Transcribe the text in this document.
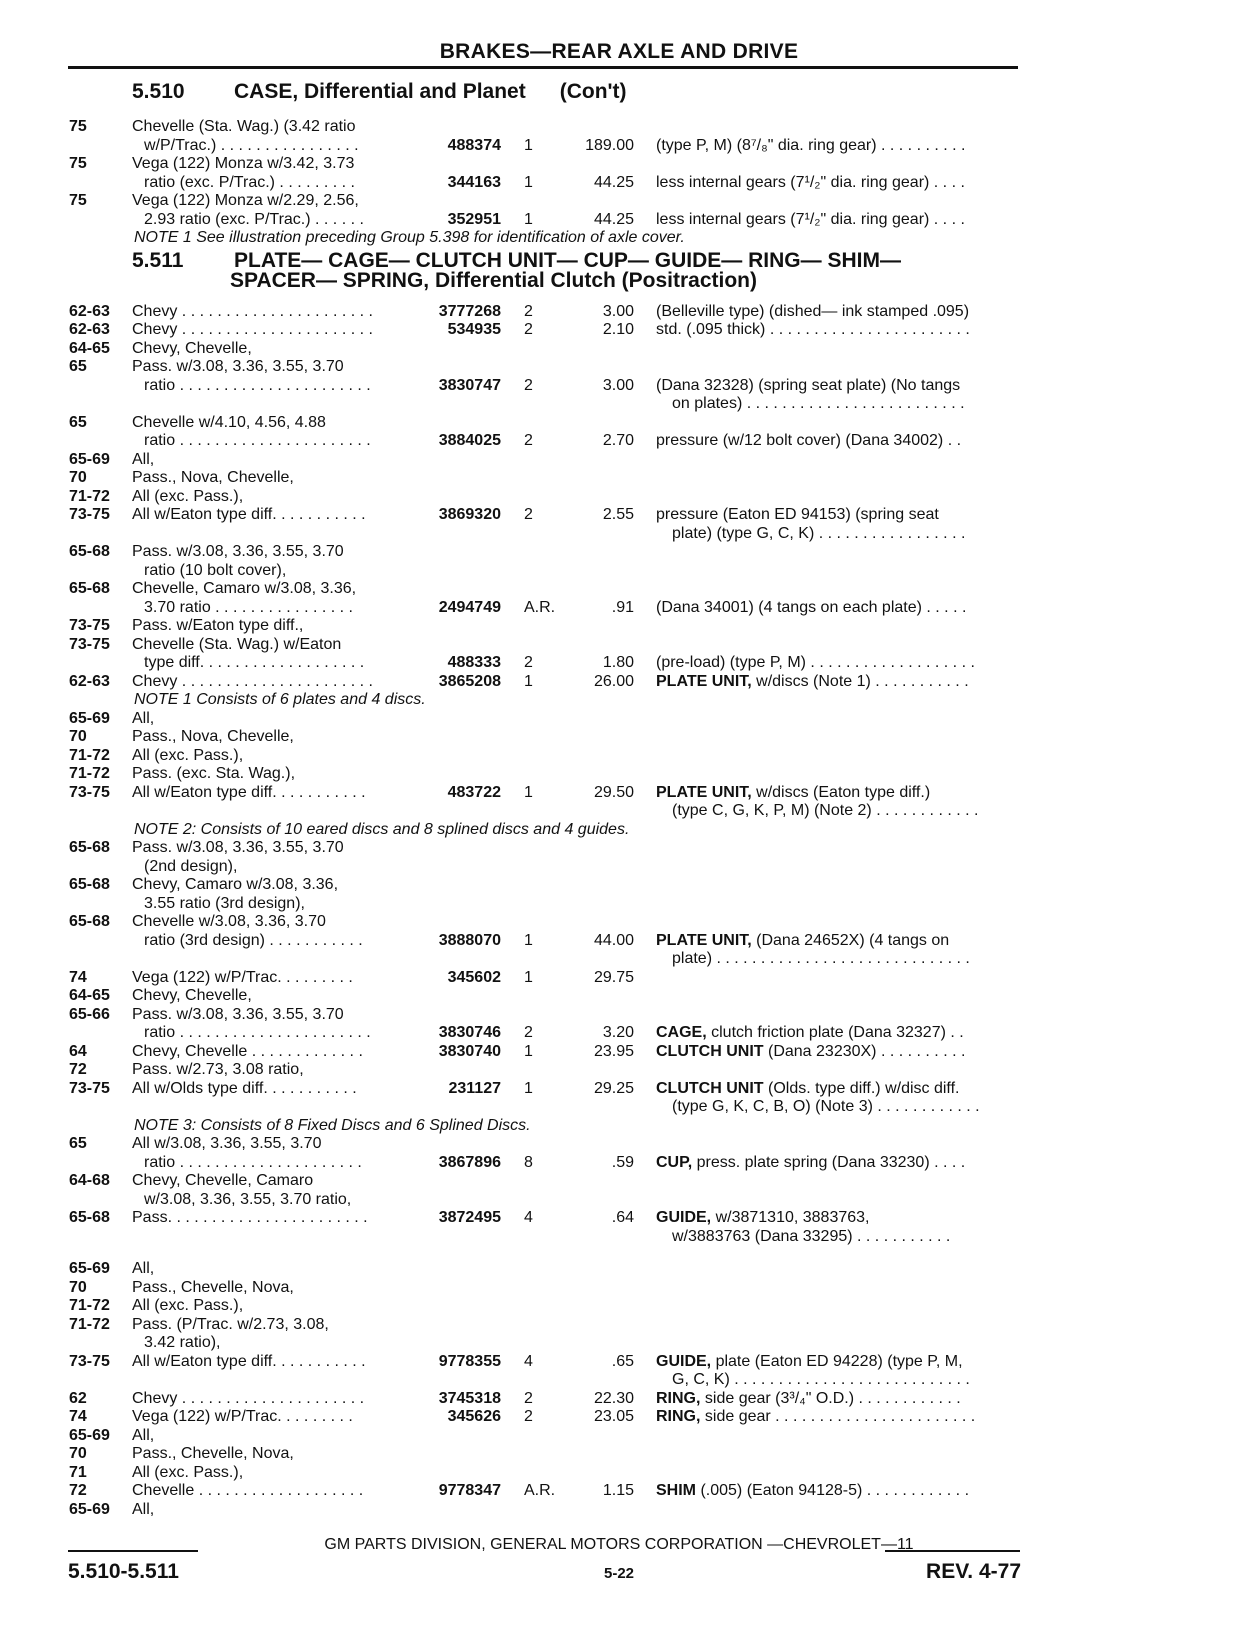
BRAKES—REAR AXLE AND DRIVE
5.510 CASE, Differential and Planet (Con't)
5.511 PLATE— CAGE— CLUTCH UNIT— CUP— GUIDE— RING— SHIM—
SPACER— SPRING, Differential Clutch (Positraction)
75	Chevelle (Sta. Wag.) (3.42 ratio
w/P/Trac.) . . . . . . . . . . . . . . . .	488374 1	189.00 (type P, M) (8⁷/₈" dia. ring gear) . . . . . . . . . .
75	Vega (122) Monza w/3.42, 3.73
ratio (exc. P/Trac.) . . . . . . . . .	344163 1	44.25 less internal gears (7¹/₂" dia. ring gear) . . . .
75	Vega (122) Monza w/2.29, 2.56,
2.93 ratio (exc. P/Trac.) . . . . . .	352951 1	44.25 less internal gears (7¹/₂" dia. ring gear) . . . .
NOTE 1 See illustration preceding Group 5.398 for identification of axle cover.
62-63 Chevy . . . . . . . . . . . . . . . . . . . . . .	3777268 2	3.00 (Belleville type) (dished— ink stamped .095)
62-63 Chevy . . . . . . . . . . . . . . . . . . . . . .	534935 2	2.10 std. (.095 thick) . . . . . . . . . . . . . . . . . . . . . . .
64-65 Chevy, Chevelle,
65	Pass. w/3.08, 3.36, 3.55, 3.70
ratio . . . . . . . . . . . . . . . . . . . . . .	3830747 2	3.00 (Dana 32328) (spring seat plate) (No tangs
on plates) . . . . . . . . . . . . . . . . . . . . . . . . .
65	Chevelle w/4.10, 4.56, 4.88
ratio . . . . . . . . . . . . . . . . . . . . . .	3884025 2	2.70 pressure (w/12 bolt cover) (Dana 34002) . .
65-69 All,
70	Pass., Nova, Chevelle,
71-72 All (exc. Pass.),
73-75 All w/Eaton type diff. . . . . . . . . . .	3869320 2	2.55 pressure (Eaton ED 94153) (spring seat
plate) (type G, C, K) . . . . . . . . . . . . . . . . .
65-68 Pass. w/3.08, 3.36, 3.55, 3.70
ratio (10 bolt cover),
65-68 Chevelle, Camaro w/3.08, 3.36,
3.70 ratio . . . . . . . . . . . . . . . .	2494749 A.R.	.91 (Dana 34001) (4 tangs on each plate) . . . . .
73-75 Pass. w/Eaton type diff.,
73-75 Chevelle (Sta. Wag.) w/Eaton
type diff. . . . . . . . . . . . . . . . . . .	488333 2	1.80 (pre-load) (type P, M) . . . . . . . . . . . . . . . . . . .
62-63 Chevy . . . . . . . . . . . . . . . . . . . . . .	3865208 1	26.00 PLATE UNIT, w/discs (Note 1) . . . . . . . . . . .
NOTE 1 Consists of 6 plates and 4 discs.
65-69 All,
70	Pass., Nova, Chevelle,
71-72 All (exc. Pass.),
71-72 Pass. (exc. Sta. Wag.),
73-75 All w/Eaton type diff. . . . . . . . . . .	483722 1	29.50 PLATE UNIT, w/discs (Eaton type diff.)
(type C, G, K, P, M) (Note 2) . . . . . . . . . . . .
NOTE 2: Consists of 10 eared discs and 8 splined discs and 4 guides.
65-68 Pass. w/3.08, 3.36, 3.55, 3.70
(2nd design),
65-68 Chevy, Camaro w/3.08, 3.36,
3.55 ratio (3rd design),
65-68 Chevelle w/3.08, 3.36, 3.70
ratio (3rd design) . . . . . . . . . . .	3888070 1	44.00 PLATE UNIT, (Dana 24652X) (4 tangs on
plate) . . . . . . . . . . . . . . . . . . . . . . . . . . . . .
74	Vega (122) w/P/Trac. . . . . . . . .	345602 1	29.75
64-65 Chevy, Chevelle,
65-66 Pass. w/3.08, 3.36, 3.55, 3.70
ratio . . . . . . . . . . . . . . . . . . . . . .	3830746 2	3.20 CAGE, clutch friction plate (Dana 32327) . .
64	Chevy, Chevelle . . . . . . . . . . . . .	3830740 1	23.95 CLUTCH UNIT (Dana 23230X) . . . . . . . . . .
72	Pass. w/2.73, 3.08 ratio,
73-75 All w/Olds type diff. . . . . . . . . . .	231127 1	29.25 CLUTCH UNIT (Olds. type diff.) w/disc diff.
(type G, K, C, B, O) (Note 3) . . . . . . . . . . . .
NOTE 3: Consists of 8 Fixed Discs and 6 Splined Discs.
65	All w/3.08, 3.36, 3.55, 3.70
ratio . . . . . . . . . . . . . . . . . . . . .	3867896 8	.59 CUP, press. plate spring (Dana 33230) . . . .
64-68 Chevy, Chevelle, Camaro
w/3.08, 3.36, 3.55, 3.70 ratio,
65-68 Pass. . . . . . . . . . . . . . . . . . . . . . .	3872495 4	.64 GUIDE, w/3871310, 3883763,
w/3883763 (Dana 33295) . . . . . . . . . . .
65-69 All,
70	Pass., Chevelle, Nova,
71-72 All (exc. Pass.),
71-72 Pass. (P/Trac. w/2.73, 3.08,
3.42 ratio),
73-75 All w/Eaton type diff. . . . . . . . . . .	9778355 4	.65 GUIDE, plate (Eaton ED 94228) (type P, M,
G, C, K) . . . . . . . . . . . . . . . . . . . . . . . . . . .
62	Chevy . . . . . . . . . . . . . . . . . . . . .	3745318 2	22.30 RING, side gear (3³/₄" O.D.) . . . . . . . . . . . .
74	Vega (122) w/P/Trac. . . . . . . . .	345626 2	23.05 RING, side gear . . . . . . . . . . . . . . . . . . . . . . .
65-69 All,
70	Pass., Chevelle, Nova,
71	All (exc. Pass.),
72	Chevelle . . . . . . . . . . . . . . . . . . .	9778347 A.R.	1.15 SHIM (.005) (Eaton 94128-5) . . . . . . . . . . . .
65-69 All,
GM PARTS DIVISION, GENERAL MOTORS CORPORATION —CHEVROLET—11
5.510-5.511	5-22	REV. 4-77
